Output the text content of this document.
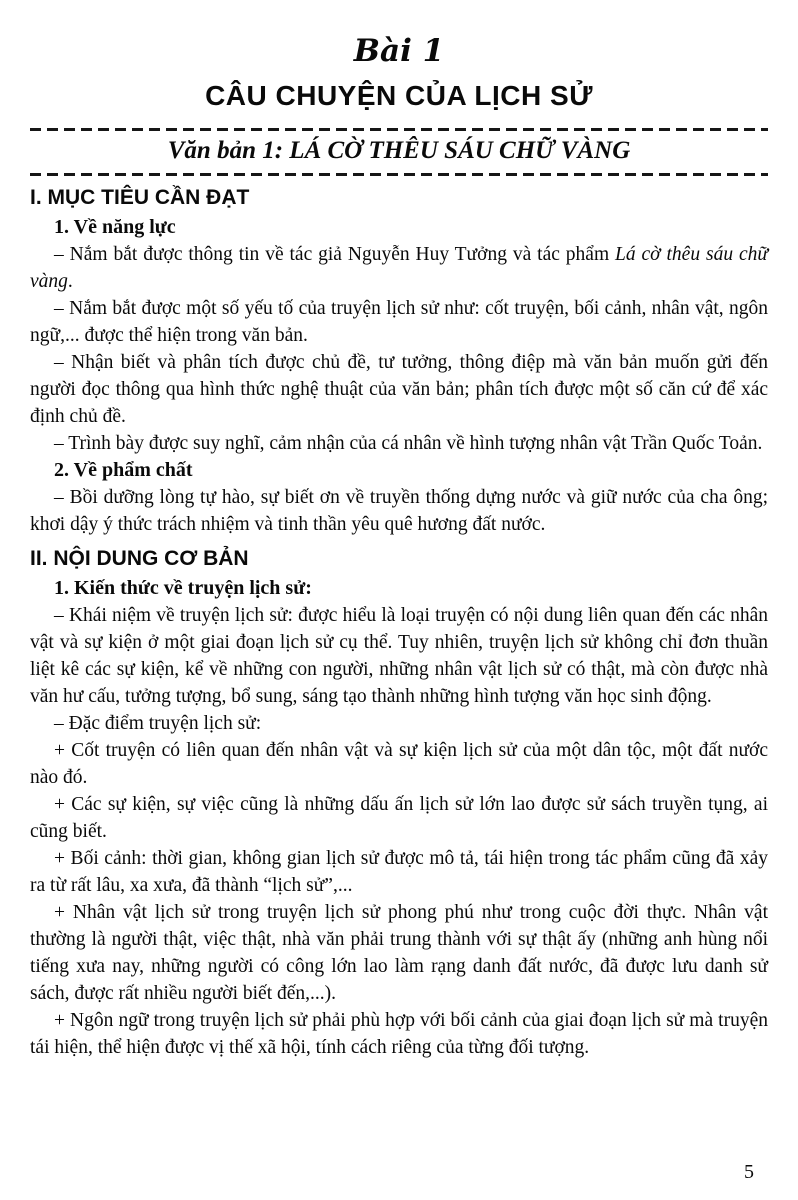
Bài 1
CÂU CHUYỆN CỦA LỊCH SỬ
Văn bản 1: LÁ CỜ THÊU SÁU CHỮ VÀNG
I. MỤC TIÊU CẦN ĐẠT
1. Về năng lực

– Nắm bắt được thông tin về tác giả Nguyễn Huy Tưởng và tác phẩm Lá cờ thêu sáu chữ vàng.

– Nắm bắt được một số yếu tố của truyện lịch sử như: cốt truyện, bối cảnh, nhân vật, ngôn ngữ,... được thể hiện trong văn bản.

– Nhận biết và phân tích được chủ đề, tư tưởng, thông điệp mà văn bản muốn gửi đến người đọc thông qua hình thức nghệ thuật của văn bản; phân tích được một số căn cứ để xác định chủ đề.

– Trình bày được suy nghĩ, cảm nhận của cá nhân về hình tượng nhân vật Trần Quốc Toản.

2. Về phẩm chất

– Bồi dưỡng lòng tự hào, sự biết ơn về truyền thống dựng nước và giữ nước của cha ông; khơi dậy ý thức trách nhiệm và tinh thần yêu quê hương đất nước.

II. NỘI DUNG CƠ BẢN
1. Kiến thức về truyện lịch sử:

– Khái niệm về truyện lịch sử: được hiểu là loại truyện có nội dung liên quan đến các nhân vật và sự kiện ở một giai đoạn lịch sử cụ thể. Tuy nhiên, truyện lịch sử không chỉ đơn thuần liệt kê các sự kiện, kể về những con người, những nhân vật lịch sử có thật, mà còn được nhà văn hư cấu, tưởng tượng, bổ sung, sáng tạo thành những hình tượng văn học sinh động.

– Đặc điểm truyện lịch sử:

+ Cốt truyện có liên quan đến nhân vật và sự kiện lịch sử của một dân tộc, một đất nước nào đó.

+ Các sự kiện, sự việc cũng là những dấu ấn lịch sử lớn lao được sử sách truyền tụng, ai cũng biết.

+ Bối cảnh: thời gian, không gian lịch sử được mô tả, tái hiện trong tác phẩm cũng đã xảy ra từ rất lâu, xa xưa, đã thành “lịch sử”,...

+ Nhân vật lịch sử trong truyện lịch sử phong phú như trong cuộc đời thực. Nhân vật thường là người thật, việc thật, nhà văn phải trung thành với sự thật ấy (những anh hùng nổi tiếng xưa nay, những người có công lớn lao làm rạng danh đất nước, đã được lưu danh sử sách, được rất nhiều người biết đến,...).

+ Ngôn ngữ trong truyện lịch sử phải phù hợp với bối cảnh của giai đoạn lịch sử mà truyện tái hiện, thể hiện được vị thế xã hội, tính cách riêng của từng đối tượng.

5
